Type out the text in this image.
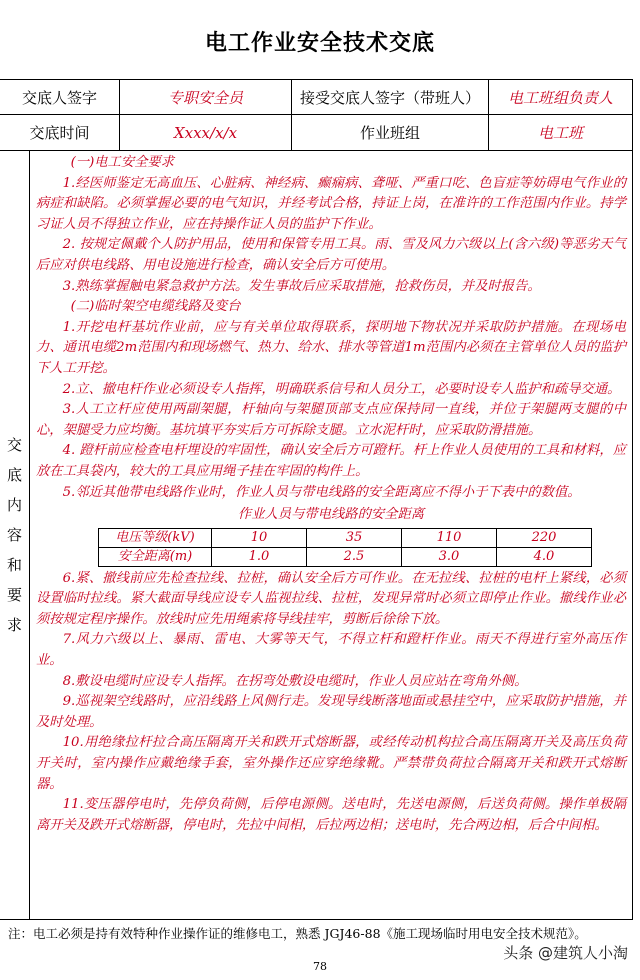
电工作业安全技术交底
交底人签字	专职安全员	接受交底人签字（带班人）	电工班组负责人
交底时间	Xxxx/x/x	作业班组	电工班
交
底
内
容
和
要
求

(一)电工安全要求

1.经医师鉴定无高血压、心脏病、神经病、癫痫病、聋哑、严重口吃、色盲症等妨碍电气作业的病症和缺陷。必须掌握必要的电气知识，并经考试合格，持证上岗，在准许的工作范围内作业。持学习证人员不得独立作业，应在持操作证人员的监护下作业。

2. 按规定佩戴个人防护用品，使用和保管专用工具。雨、雪及风力六级以上(含六级)等恶劣天气后应对供电线路、用电设施进行检查，确认安全后方可使用。

3.熟练掌握触电紧急救护方法。发生事故后应采取措施，抢救伤员，并及时报告。

(二)临时架空电缆线路及变台

1.开挖电杆基坑作业前，应与有关单位取得联系，探明地下物状况并采取防护措施。在现场电力、通讯电缆2m范围内和现场燃气、热力、给水、排水等管道1m范围内必须在主管单位人员的监护下人工开挖。

2.立、撤电杆作业必须设专人指挥，明确联系信号和人员分工，必要时设专人监护和疏导交通。

3.人工立杆应使用两副架腿，杆轴向与架腿顶部支点应保持同一直线，并位于架腿两支腿的中心，架腿受力应均衡。基坑填平夯实后方可拆除支腿。立水泥杆时，应采取防滑措施。

4. 蹬杆前应检查电杆埋设的牢固性，确认安全后方可蹬杆。杆上作业人员使用的工具和材料，应放在工具袋内，较大的工具应用绳子挂在牢固的构件上。

5.邻近其他带电线路作业时，作业人员与带电线路的安全距离应不得小于下表中的数值。

作业人员与带电线路的安全距离
电压等级(kV)	10	35	110	220
安全距离(m)	1.0	2.5	3.0	4.0

6.紧、撤线前应先检查拉线、拉桩，确认安全后方可作业。在无拉线、拉桩的电杆上紧线，必须设置临时拉线。紧大截面导线应设专人监视拉线、拉桩，发现异常时必须立即停止作业。撤线作业必须按规定程序操作。放线时应先用绳索将导线挂牢，剪断后徐徐下放。

7.风力六级以上、暴雨、雷电、大雾等天气，不得立杆和蹬杆作业。雨天不得进行室外高压作业。

8.敷设电缆时应设专人指挥。在拐弯处敷设电缆时，作业人员应站在弯角外侧。

9.巡视架空线路时，应沿线路上风侧行走。发现导线断落地面或悬挂空中，应采取防护措施，并及时处理。

10.用绝缘拉杆拉合高压隔离开关和跌开式熔断器，或经传动机构拉合高压隔离开关及高压负荷开关时，室内操作应戴绝缘手套，室外操作还应穿绝缘靴。严禁带负荷拉合隔离开关和跌开式熔断器。

11.变压器停电时，先停负荷侧，后停电源侧。送电时，先送电源侧，后送负荷侧。操作单极隔离开关及跌开式熔断器，停电时，先拉中间相，后拉两边相；送电时，先合两边相，后合中间相。

注：电工必须是持有效特种作业操作证的维修电工，熟悉 JGJ46-88《施工现场临时用电安全技术规范》。
头条 @建筑人小淘
78
